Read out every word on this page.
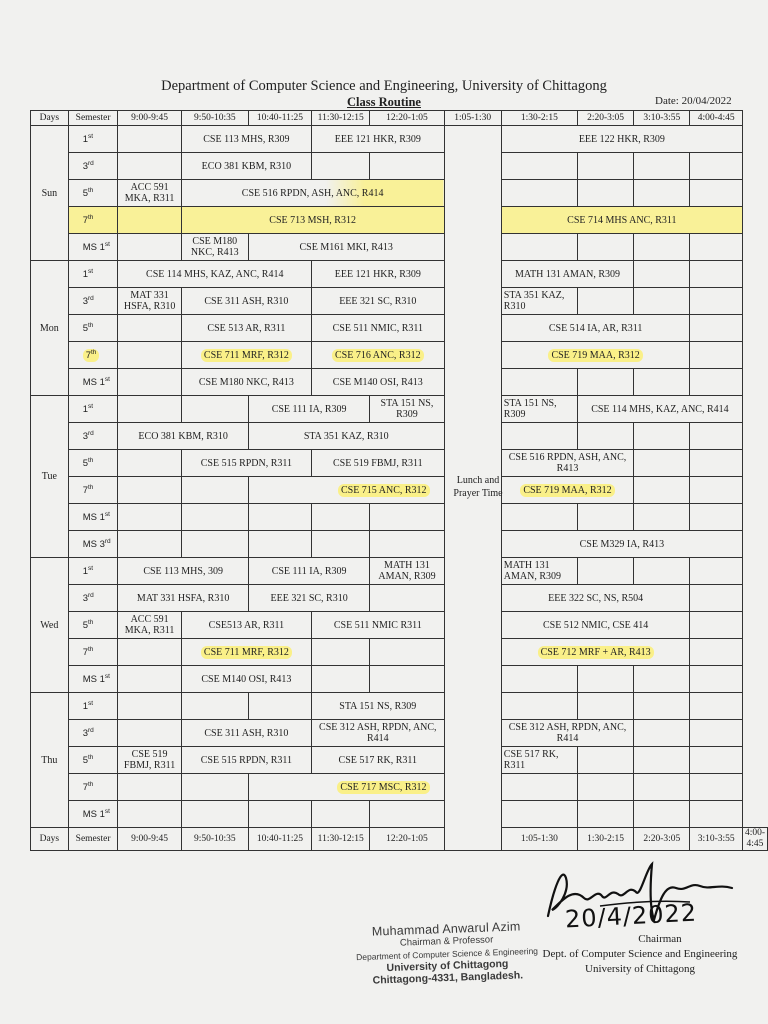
Department of Computer Science and Engineering, University of Chittagong
Class Routine	Date: 20/04/2022
Days	Semester	9:00-9:45	9:50-10:35	10:40-11:25	11:30-12:15	12:20-1:05	1:05-1:30	1:30-2:15	2:20-3:05	3:10-3:55	4:00-4:45	
Sun	1st		CSE 113 MHS, R309		EEE 121 HKR, R309			EEE 122 HKR, R309				
	3rd		ECO 381 KBM, R310									
	5th	ACC 591 MKA, R311	CSE 516 RPDN, ASH, ANC, R414									
	7th		CSE 713 MSH, R312					CSE 714 MHS ANC, R311				
	MS 1st		CSE M180 NKC, R413	CSE M161 MKI, R413								
Mon	1st	CSE 114 MHS, KAZ, ANC, R414			EEE 121 HKR, R309			MATH 131 AMAN, R309				
	3rd	MAT 331 HSFA, R310	CSE 311 ASH, R310		EEE 321 SC, R310			STA 351 KAZ, R310				
	5th		CSE 513 AR, R311		CSE 511 NMIC, R311			CSE 514 IA, AR, R311				
	7th		CSE 711 MRF, R312		CSE 716 ANC, R312			CSE 719 MAA, R312				
	MS 1st		CSE M180 NKC, R413		CSE M140 OSI, R413							
Tue	1st			CSE 111 IA, R309		STA 151 NS, R309		STA 151 NS, R309	CSE 114 MHS, KAZ, ANC, R414			
	3rd	ECO 381 KBM, R310		STA 351 KAZ, R310								
	5th		CSE 515 RPDN, R311		CSE 519 FBMJ, R311			CSE 516 RPDN, ASH, ANC, R413				
	7th			CSE 715 ANC, R312				CSE 719 MAA, R312				
	MS 1st									
	MS 3rd							CSE M329 IA, R413				
Wed	1st	CSE 113 MHS, 309		CSE 111 IA, R309		MATH 131 AMAN, R309		MATH 131 AMAN, R309				
	3rd	MAT 331 HSFA, R310		EEE 321 SC, R310				EEE 322 SC, NS, R504				
	5th	ACC 591 MKA, R311	CSE513 AR, R311		CSE 511 NMIC R311			CSE 512 NMIC, CSE 414				
	7th		CSE 711 MRF, R312					CSE 712 MRF + AR, R413				
	MS 1st		CSE M140 OSI, R413									
Thu	1st				STA 151 NS, R309							
	3rd		CSE 311 ASH, R310		CSE 312 ASH, RPDN, ANC, R414			CSE 312 ASH, RPDN, ANC, R414				
	5th	CSE 519 FBMJ, R311	CSE 515 RPDN, R311		CSE 517 RK, R311			CSE 517 RK, R311				
	7th			CSE 717 MSC, R312								
	MS 1st									
Days	Semester	9:00-9:45	9:50-10:35	10:40-11:25	11:30-12:15	12:20-1:05		1:05-1:30	1:30-2:15	2:20-3:05	3:10-3:55	4:00-4:45
Lunch and Prayer Time
20/4/2022
Muhammad Anwarul Azim
Chairman & Professor
Department of Computer Science & Engineering
University of Chittagong
Chittagong-4331, Bangladesh.
Chairman
Dept. of Computer Science and Engineering
University of Chittagong
